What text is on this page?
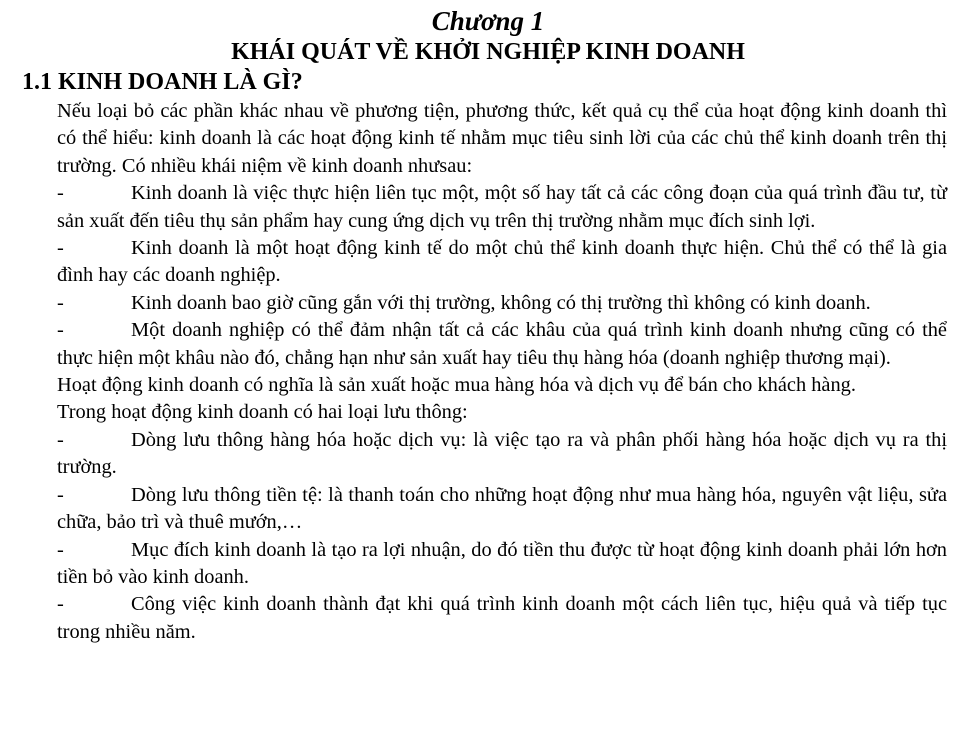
Chương 1
KHÁI QUÁT VỀ KHỞI NGHIỆP KINH DOANH
1.1 KINH DOANH LÀ GÌ?

Nếu loại bỏ các phần khác nhau về phương tiện, phương thức, kết quả cụ thể của hoạt động kinh doanh thì có thể hiểu: kinh doanh là các hoạt động kinh tế nhằm mục tiêu sinh lời của các chủ thể kinh doanh trên thị trường. Có nhiều khái niệm về kinh doanh nhưsau:

-	Kinh doanh là việc thực hiện liên tục một, một số hay tất cả các công đoạn của quá trình đầu tư, từ sản xuất đến tiêu thụ sản phẩm hay cung ứng dịch vụ trên thị trường nhằm mục đích sinh lợi.

-	Kinh doanh là một hoạt động kinh tế do một chủ thể kinh doanh thực hiện. Chủ thể có thể là gia đình hay các doanh nghiệp.

-	Kinh doanh bao giờ cũng gắn với thị trường, không có thị trường thì không có kinh doanh.

-	Một doanh nghiệp có thể đảm nhận tất cả các khâu của quá trình kinh doanh nhưng cũng có thể thực hiện một khâu nào đó, chẳng hạn như sản xuất hay tiêu thụ hàng hóa (doanh nghiệp thương mại).

Hoạt động kinh doanh có nghĩa là sản xuất hoặc mua hàng hóa và dịch vụ để bán cho khách hàng.

Trong hoạt động kinh doanh có hai loại lưu thông:

-	Dòng lưu thông hàng hóa hoặc dịch vụ: là việc tạo ra và phân phối hàng hóa hoặc dịch vụ ra thị trường.

-	Dòng lưu thông tiền tệ: là thanh toán cho những hoạt động như mua hàng hóa, nguyên vật liệu, sửa chữa, bảo trì và thuê mướn,…

-	Mục đích kinh doanh là tạo ra lợi nhuận, do đó tiền thu được từ hoạt động kinh doanh phải lớn hơn tiền bỏ vào kinh doanh.

-	Công việc kinh doanh thành đạt khi quá trình kinh doanh một cách liên tục, hiệu quả và tiếp tục trong nhiều năm.
